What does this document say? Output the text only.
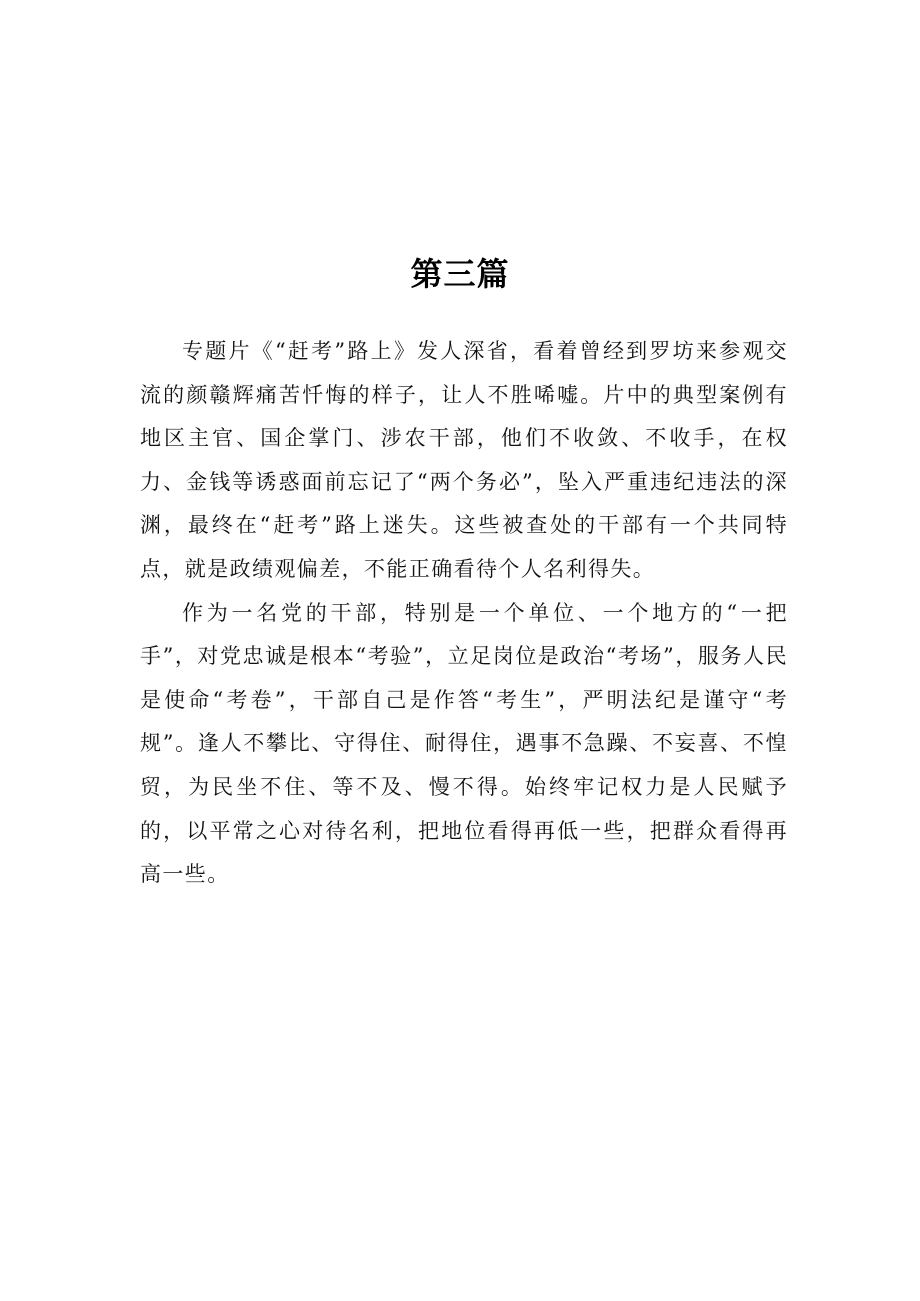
第三篇

专题片《“赶考”路上》发人深省，看着曾经到罗坊来参观交流的颜赣辉痛苦忏悔的样子，让人不胜唏嘘。片中的典型案例有地区主官、国企掌门、涉农干部，他们不收敛、不收手，在权力、金钱等诱惑面前忘记了“两个务必”，坠入严重违纪违法的深渊，最终在“赶考”路上迷失。这些被查处的干部有一个共同特点，就是政绩观偏差，不能正确看待个人名利得失。

作为一名党的干部，特别是一个单位、一个地方的“一把手”，对党忠诚是根本“考验”，立足岗位是政治“考场”，服务人民是使命“考卷”，干部自己是作答“考生”，严明法纪是谨守“考规”。逢人不攀比、守得住、耐得住，遇事不急躁、不妄喜、不惶贸，为民坐不住、等不及、慢不得。始终牢记权力是人民赋予的，以平常之心对待名利，把地位看得再低一些，把群众看得再高一些。
